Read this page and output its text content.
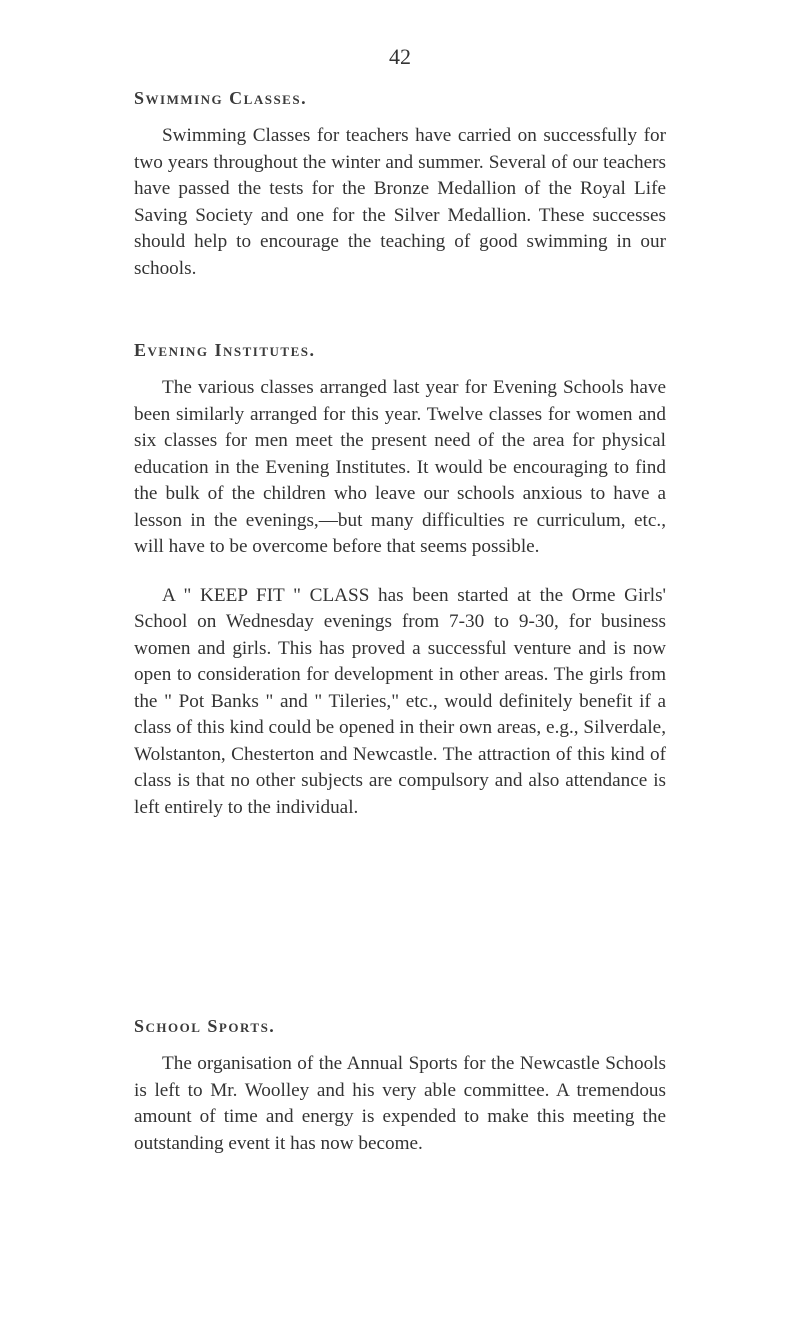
42
Swimming Classes.

Swimming Classes for teachers have carried on successfully for two years throughout the winter and summer. Several of our teachers have passed the tests for the Bronze Medallion of the Royal Life Saving Society and one for the Silver Medallion. These successes should help to encourage the teaching of good swimming in our schools.

Evening Institutes.

The various classes arranged last year for Evening Schools have been similarly arranged for this year. Twelve classes for women and six classes for men meet the present need of the area for physical education in the Evening Institutes. It would be encouraging to find the bulk of the children who leave our schools anxious to have a lesson in the evenings,—but many difficulties re curriculum, etc., will have to be overcome before that seems possible.

A " KEEP FIT " CLASS has been started at the Orme Girls' School on Wednesday evenings from 7-30 to 9-30, for business women and girls. This has proved a successful venture and is now open to consideration for development in other areas. The girls from the " Pot Banks " and " Tileries," etc., would definitely benefit if a class of this kind could be opened in their own areas, e.g., Silverdale, Wolstanton, Chesterton and Newcastle. The attraction of this kind of class is that no other subjects are compulsory and also attendance is left entirely to the individual.

School Sports.

The organisation of the Annual Sports for the Newcastle Schools is left to Mr. Woolley and his very able committee. A tremendous amount of time and energy is expended to make this meeting the outstanding event it has now become.
